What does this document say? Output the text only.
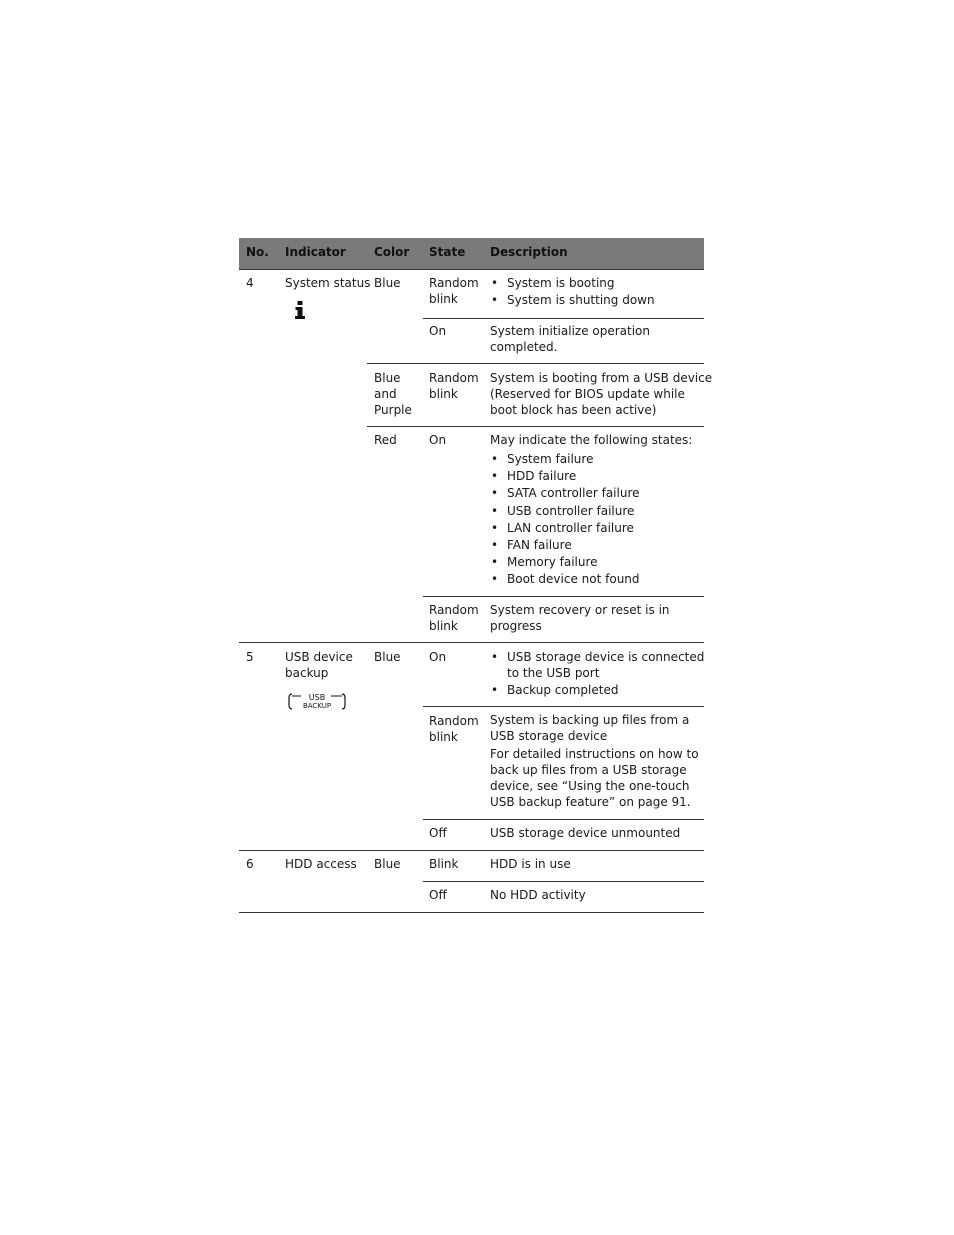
No. Indicator Color State Description
4	System status Blue Random
blink
• System is booting
• System is shutting down
On	System initialize operation
completed.
Blue
and
Purple
Random
blink
System is booting from a USB device
(Reserved for BIOS update while
boot block has been active)
Red	On	May indicate the following states:
• System failure
• HDD failure
• SATA controller failure
• USB controller failure
• LAN controller failure
• FAN failure
• Memory failure
• Boot device not found
Random
blink
System recovery or reset is in
progress
5	USB device
backup
USB
BACKUP
Blue On
•	USB storage device is connected
to the USB port
• Backup completed
Random
blink
System is backing up files from a
USB storage device
For detailed instructions on how to
back up files from a USB storage
device, see “Using the one-touch
USB backup feature” on page 91.
Off	USB storage device unmounted
6	HDD access Blue Blink	HDD is in use
Off	No HDD activity
